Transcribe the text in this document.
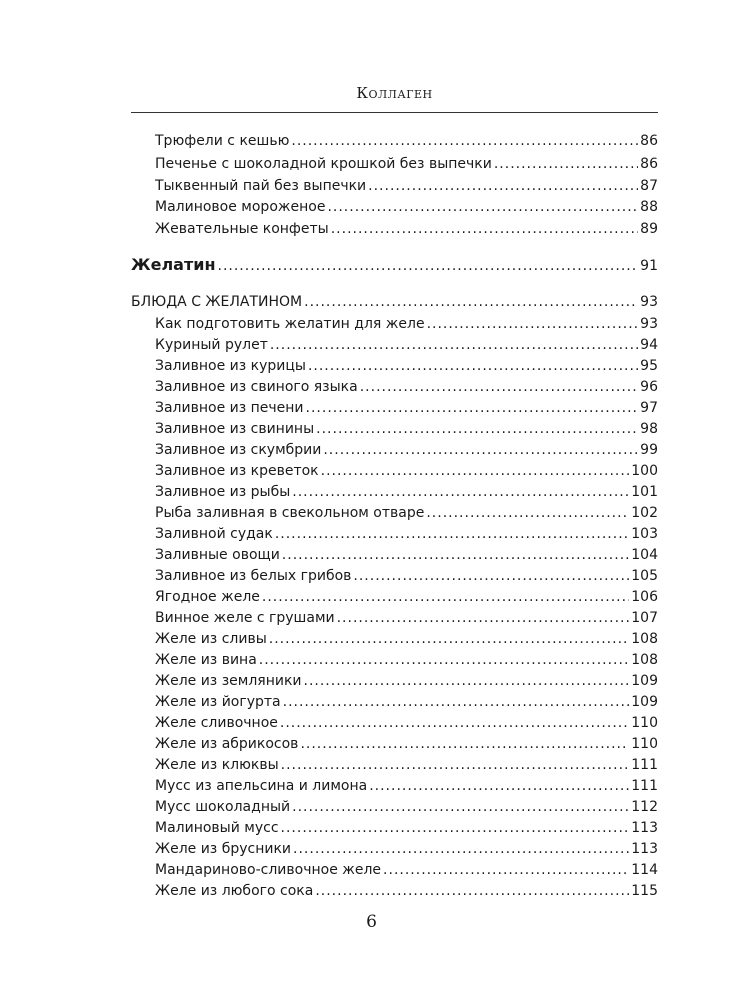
Коллаген
Трюфели с кешью .....	86
Печенье с шоколадной крошкой без выпечки .....	86
Тыквенный пай без выпечки .....	87
Малиновое мороженое .....	88
Жевательные конфеты .....	89
Желатин .....	91
БЛЮДА С ЖЕЛАТИНОМ .....	93
Как подготовить желатин для желе .....	93
Куриный рулет .....	94
Заливное из курицы .....	95
Заливное из свиного языка .....	96
Заливное из печени .....	97
Заливное из свинины .....	98
Заливное из скумбрии .....	99
Заливное из креветок .....	100
Заливное из рыбы .....	101
Рыба заливная в свекольном отваре .....	102
Заливной судак .....	103
Заливные овощи .....	104
Заливное из белых грибов .....	105
Ягодное желе .....	106
Винное желе с грушами .....	107
Желе из сливы .....	108
Желе из вина .....	108
Желе из земляники .....	109
Желе из йогурта .....	109
Желе сливочное .....	110
Желе из абрикосов .....	110
Желе из клюквы .....	111
Мусс из апельсина и лимона .....	111
Мусс шоколадный .....	112
Малиновый мусс .....	113
Желе из брусники .....	113
Мандариново-сливочное желе .....	114
Желе из любого сока .....	115
6
